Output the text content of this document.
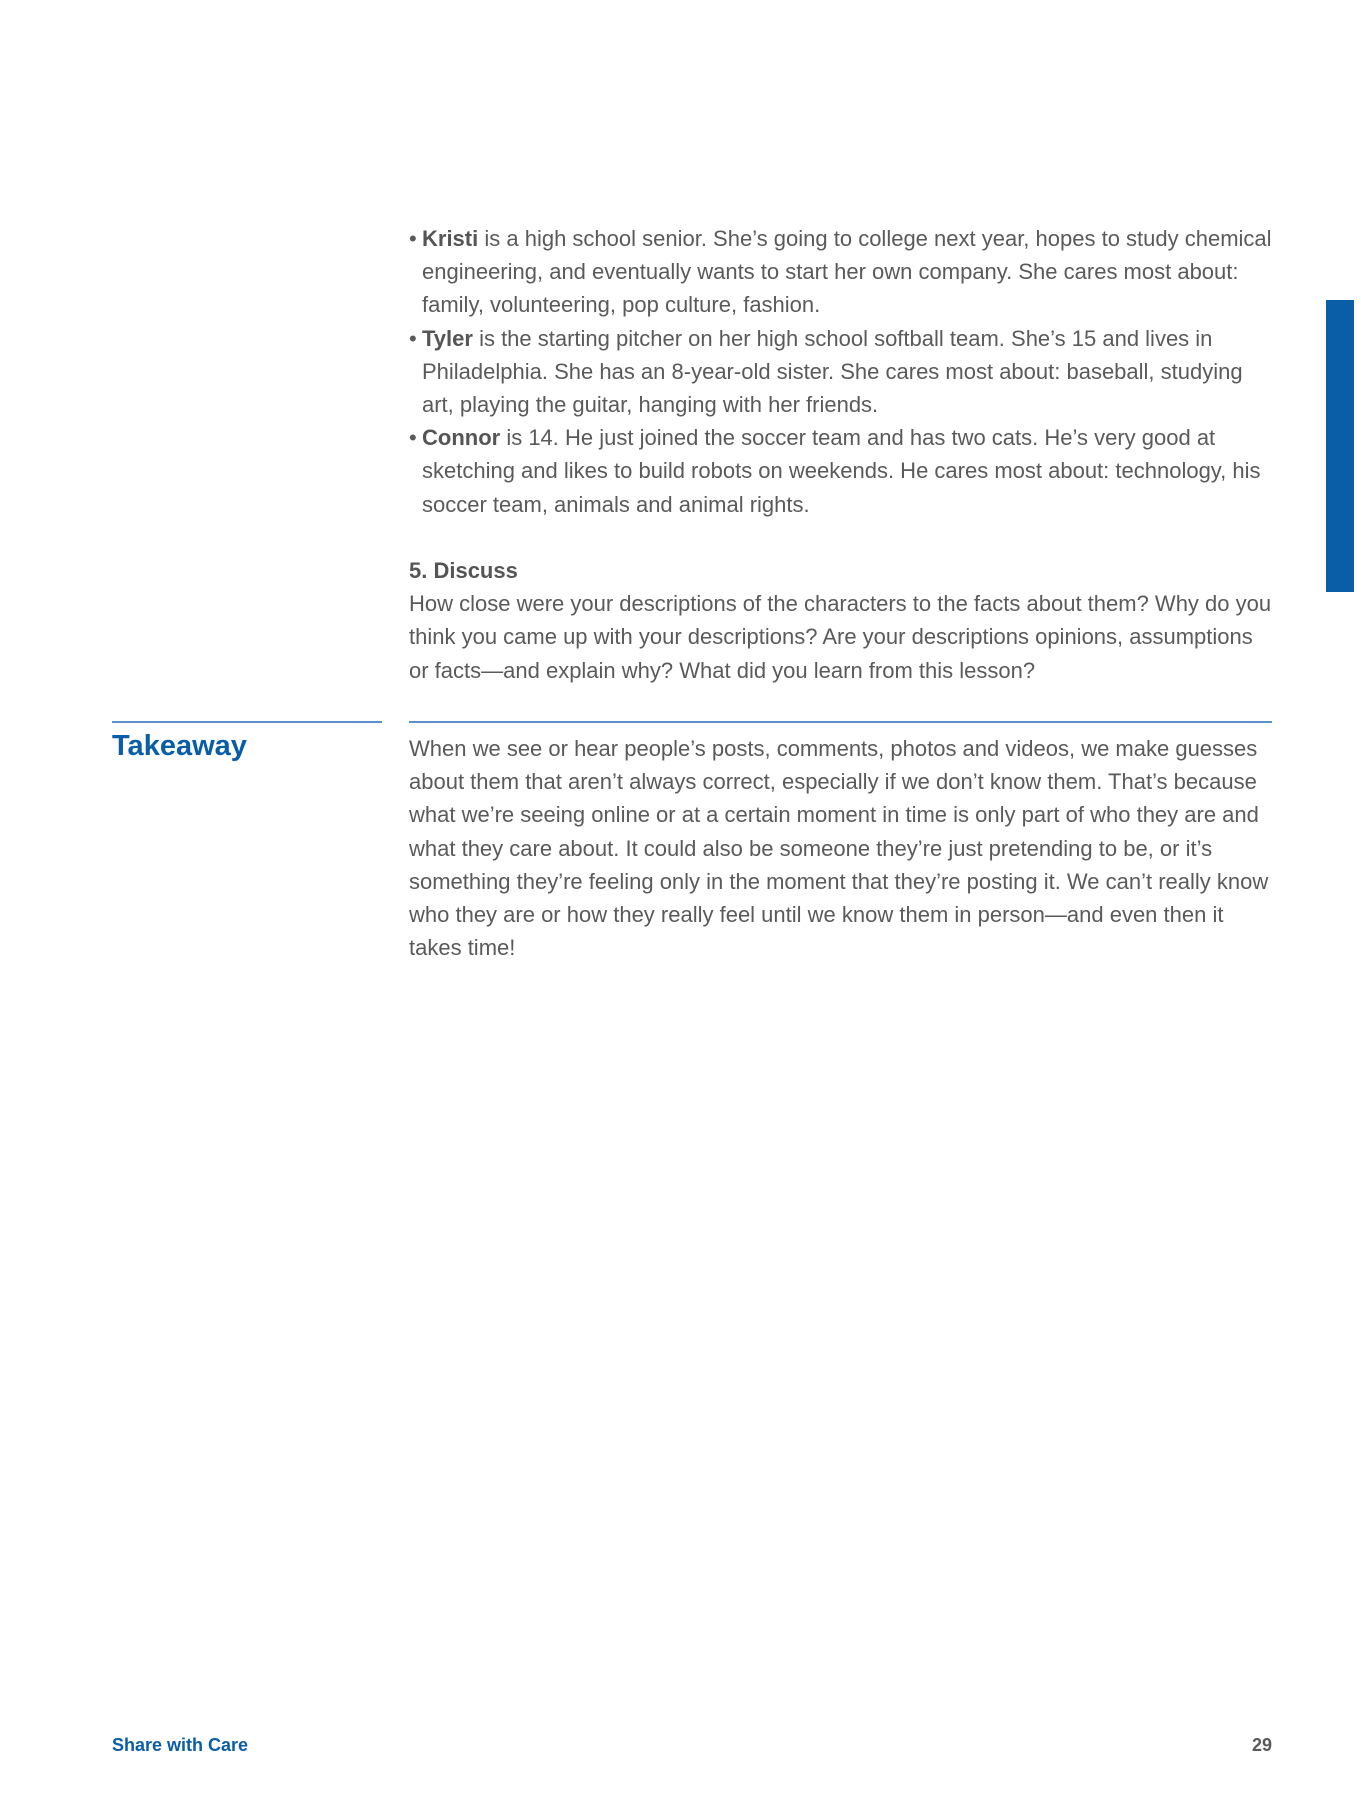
• Kristi is a high school senior. She’s going to college next year, hopes to study chemical engineering, and eventually wants to start her own company. She cares most about: family, volunteering, pop culture, fashion.
• Tyler is the starting pitcher on her high school softball team. She’s 15 and lives in Philadelphia. She has an 8-year-old sister. She cares most about: baseball, studying art, playing the guitar, hanging with her friends.
• Connor is 14. He just joined the soccer team and has two cats. He’s very good at sketching and likes to build robots on weekends. He cares most about: technology, his soccer team, animals and animal rights.
5. Discuss
How close were your descriptions of the characters to the facts about them? Why do you think you came up with your descriptions? Are your descriptions opinions, assumptions or facts—and explain why? What did you learn from this lesson?
Takeaway	When we see or hear people’s posts, comments, photos and videos, we make guesses about them that aren’t always correct, especially if we don’t know them. That’s because what we’re seeing online or at a certain moment in time is only part of who they are and what they care about. It could also be someone they’re just pretending to be, or it’s something they’re feeling only in the moment that they’re posting it. We can’t really know who they are or how they really feel until we know them in person—and even then it takes time!
Share with Care	29
